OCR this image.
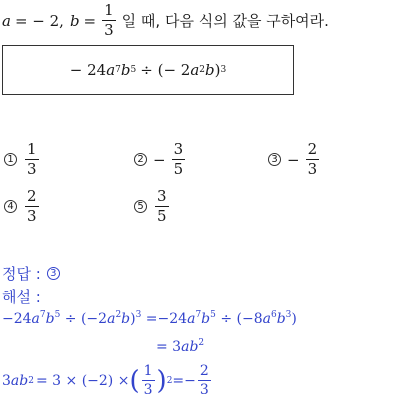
a = − 2, $b = \frac{1}{3}$ 일 때, 다음 식의 값을 구하여라.
− 24 a 7 b 5 ÷ (− 2 a 2 b ) 3
$1 \frac{1}{3}$	$2 - \frac{3}{5}$	$3 - \frac{2}{3}$
$4 \frac{2}{3}$	$5 \frac{3}{5}$
정답 : 3
해설 :
$-24a^7b^5 \div (-2a^2b)^3 =-24a^7b^5 \div (-8a^6b^3)$
= $3ab^2$
3 a b 2 = 3 × (−2) × ( $\frac{1}{3}$ ) $2 =- \frac{2}{3}$
